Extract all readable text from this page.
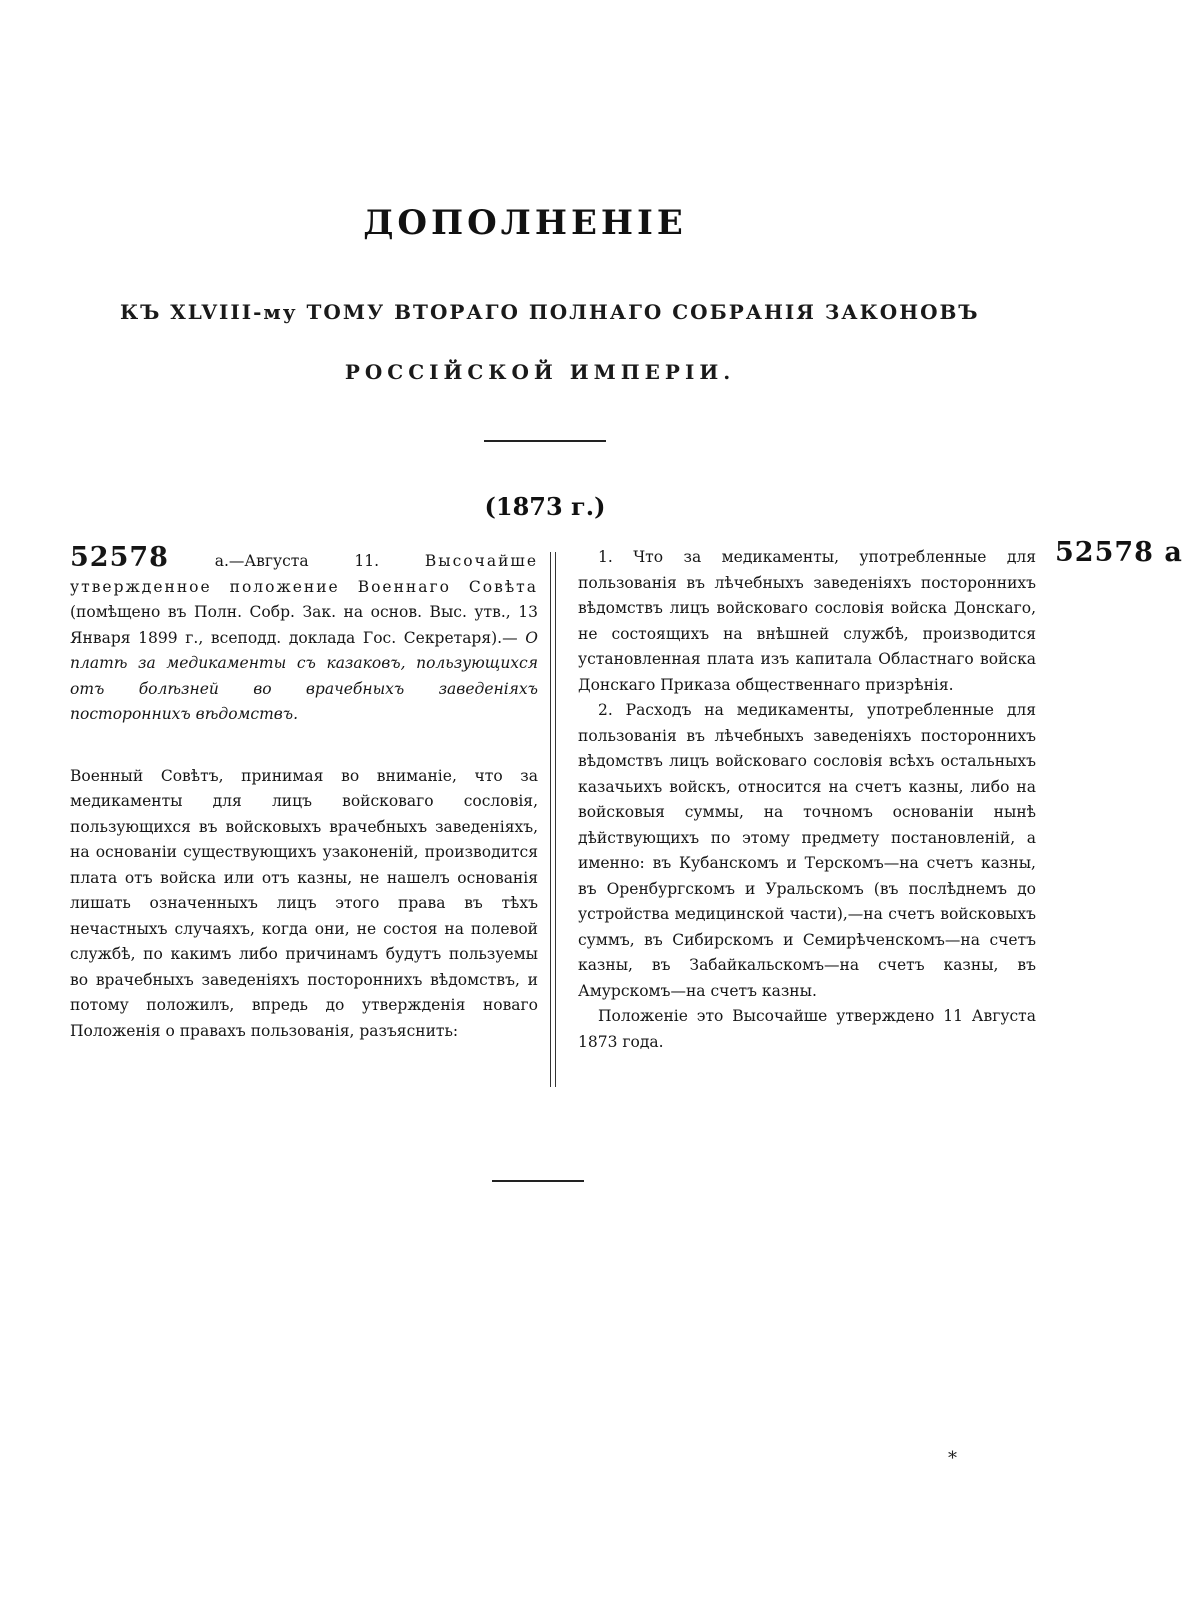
ДОПОЛНЕНІЕ
КЪ XLVIII-му ТОМУ ВТОРАГО ПОЛНАГО СОБРАНІЯ ЗАКОНОВЪ
РОССІЙСКОЙ ИМПЕРІИ.
(1873 г.)

52578 а.—Августа 11. Высочайше утвержденное положение Военнаго Совѣта (помѣщено въ Полн. Собр. Зак. на основ. Выс. утв., 13 Января 1899 г., всеподд. доклада Гос. Секретаря).— О платѣ за медикаменты съ казаковъ, пользующихся отъ болѣзней во врачебныхъ заведеніяхъ постороннихъ вѣдомствъ.

Военный Совѣтъ, принимая во вниманіе, что за медикаменты для лицъ войсковаго сословія, пользующихся въ войсковыхъ врачебныхъ заведеніяхъ, на основаніи существующихъ узаконеній, производится плата отъ войска или отъ казны, не нашелъ основанія лишать означенныхъ лицъ этого права въ тѣхъ нечастныхъ случаяхъ, когда они, не состоя на полевой службѣ, по какимъ либо причинамъ будутъ пользуемы во врачебныхъ заведеніяхъ постороннихъ вѣдомствъ, и потому положилъ, впредь до утвержденія новаго Положенія о правахъ пользованія, разъяснить:

1. Что за медикаменты, употребленные для пользованія въ лѣчебныхъ заведеніяхъ постороннихъ вѣдомствъ лицъ войсковаго сословія войска Донскаго, не состоящихъ на внѣшней службѣ, производится установленная плата изъ капитала Областнаго войска Донскаго Приказа общественнаго призрѣнія.

2. Расходъ на медикаменты, употребленные для пользованія въ лѣчебныхъ заведеніяхъ постороннихъ вѣдомствъ лицъ войсковаго сословія всѣхъ остальныхъ казачьихъ войскъ, относится на счетъ казны, либо на войсковыя суммы, на точномъ основаніи нынѣ дѣйствующихъ по этому предмету постановленій, а именно: въ Кубанскомъ и Терскомъ—на счетъ казны, въ Оренбургскомъ и Уральскомъ (въ послѣднемъ до устройства медицинской части),—на счетъ войсковыхъ суммъ, въ Сибирскомъ и Семирѣченскомъ—на счетъ казны, въ Забайкальскомъ—на счетъ казны, въ Амурскомъ—на счетъ казны.

Положеніе это Высочайше утверждено 11 Августа 1873 года.

52578 а
*
